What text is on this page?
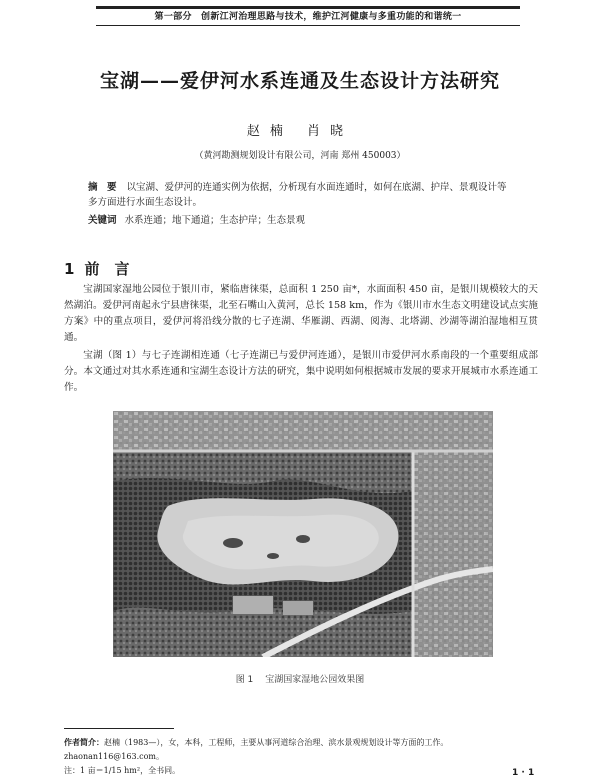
第一部分　创新江河治理思路与技术，维护江河健康与多重功能的和谐统一
宝湖——爱伊河水系连通及生态设计方法研究
赵楠 肖晓
（黄河勘测规划设计有限公司，河南 郑州 450003）
摘　要 以宝湖、爱伊河的连通实例为依据，分析现有水面连通时，如何在底湖、护岸、景观设计等多方面进行水面生态设计。
关键词 水系连通；地下通道；生态护岸；生态景观
1 前　言
宝湖国家湿地公园位于银川市，紧临唐徕渠，总面积 1 250 亩*，水面面积 450 亩，是银川规模较大的天然湖泊。爱伊河南起永宁县唐徕渠，北至石嘴山入黄河，总长 158 km，作为《银川市水生态文明建设试点实施方案》中的重点项目，爱伊河将沿线分散的七子连湖、华雁湖、西湖、阅海、北塔湖、沙湖等湖泊湿地相互贯通。
宝湖（图 1）与七子连湖相连通（七子连湖已与爱伊河连通），是银川市爱伊河水系南段的一个重要组成部分。本文通过对其水系连通和宝湖生态设计方法的研究，集中说明如何根据城市发展的要求开展城市水系连通工作。
图 1 宝湖国家湿地公园效果图
作者简介：赵楠（1983—），女，本科，工程师，主要从事河道综合治理、滨水景观规划设计等方面的工作。zhaonan116@163.com。
注：1 亩＝1/15 hm²，全书同。	1 · 1
